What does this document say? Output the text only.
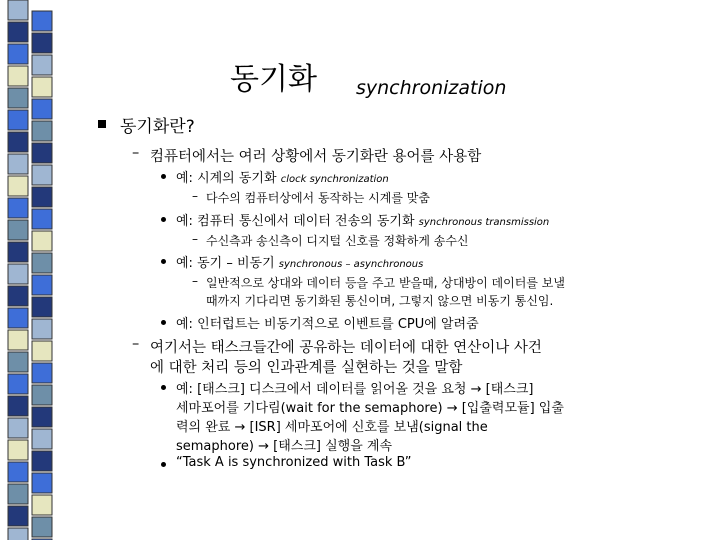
동기화 synchronization
동기화란?
– 컴퓨터에서는 여러 상황에서 동기화란 용어를 사용함
예: 시계의 동기화 clock synchronization
– 다수의 컴퓨터상에서 동작하는 시계를 맞춤
예: 컴퓨터 통신에서 데이터 전송의 동기화 synchronous transmission
– 수신측과 송신측이 디지털 신호를 정확하게 송수신
예: 동기 – 비동기 synchronous – asynchronous
– 일반적으로 상대와 데이터 등을 주고 받을때, 상대방이 데이터를 보낼
때까지 기다리면 동기화된 통신이며, 그렇지 않으면 비동기 통신임.
예: 인터럽트는 비동기적으로 이벤트를 CPU에 알려줌
– 여기서는 태스크들간에 공유하는 데이터에 대한 연산이나 사건
에 대한 처리 등의 인과관계를 실현하는 것을 말함
예: [태스크] 디스크에서 데이터를 읽어올 것을 요청 → [태스크]
세마포어를 기다림(wait for the semaphore) → [입출력모듈] 입출
력의 완료 → [ISR] 세마포어에 신호를 보냄(signal the
semaphore) → [태스크] 실행을 계속
“Task A is synchronized with Task B”
